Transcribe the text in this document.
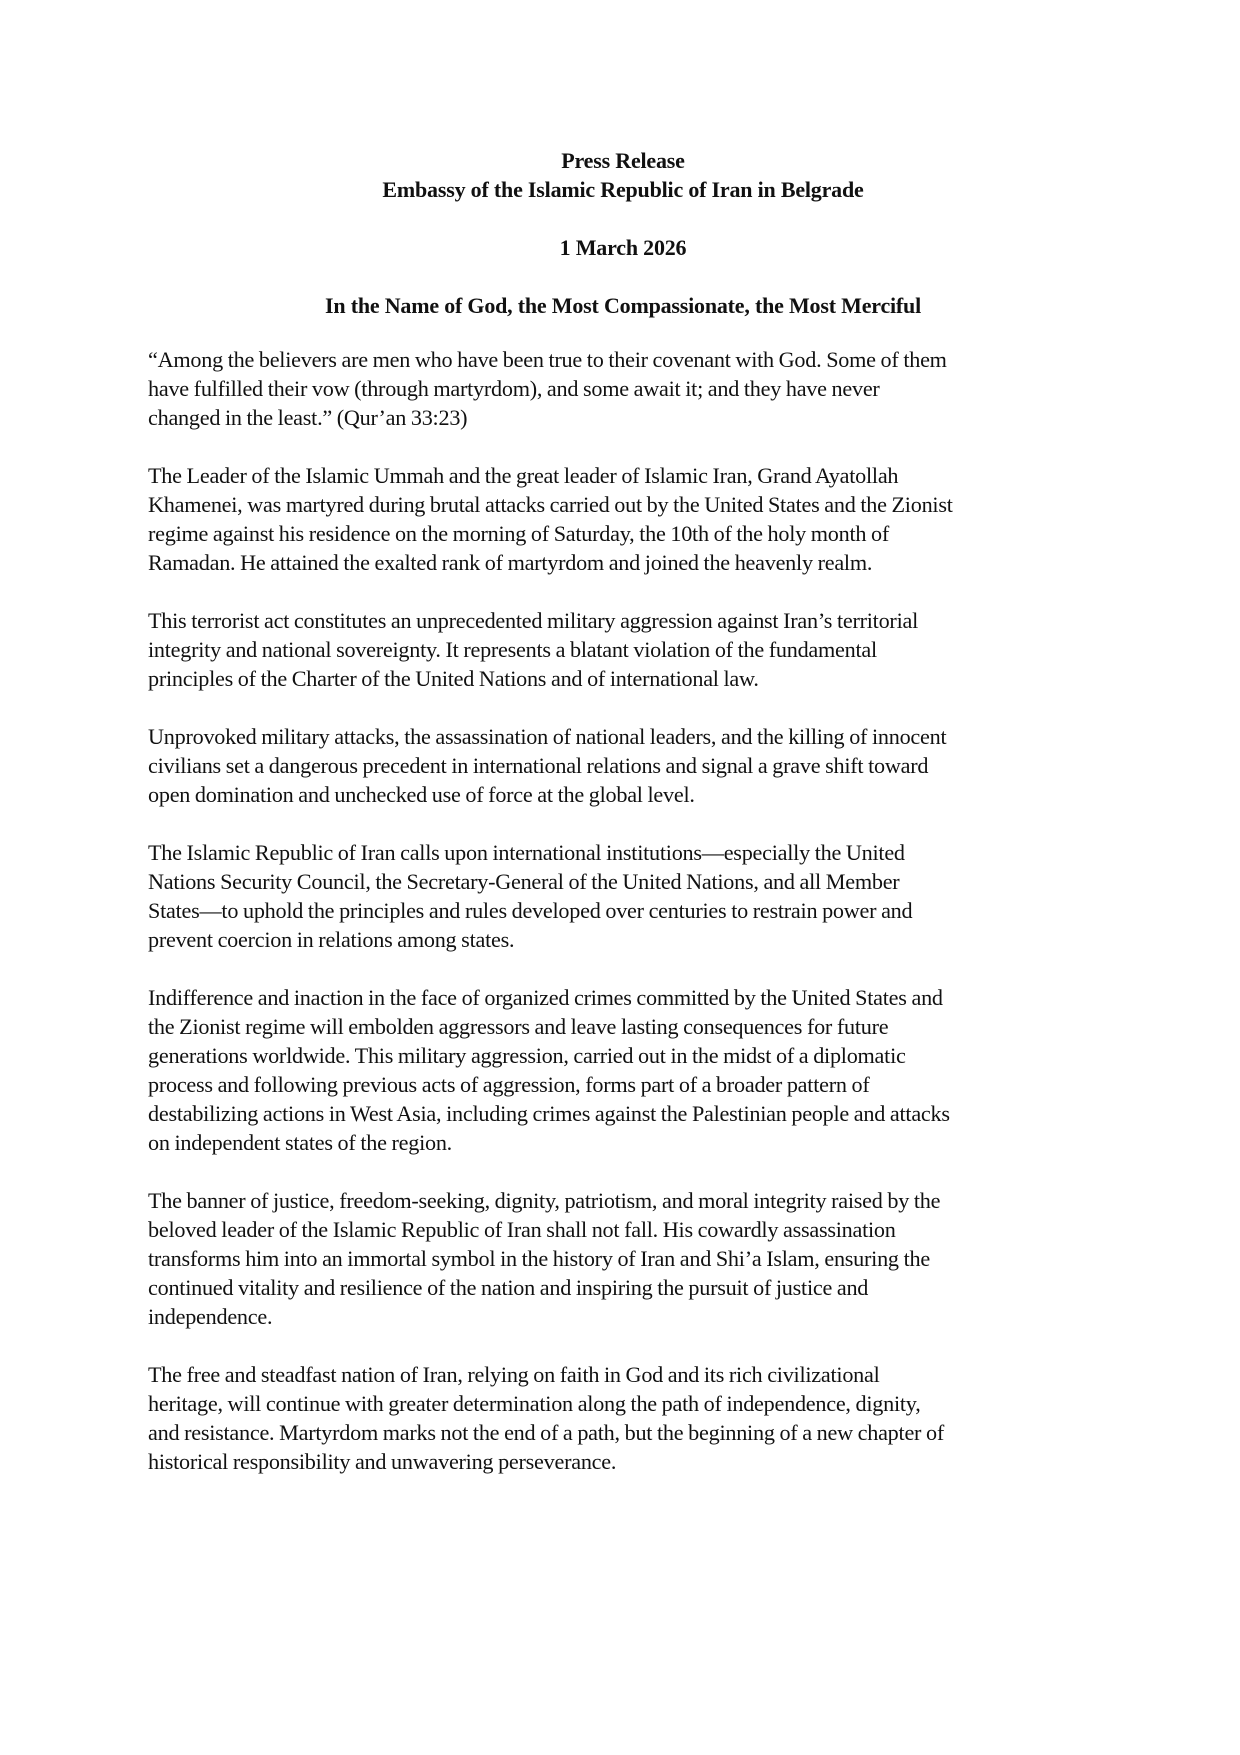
Press Release

Embassy of the Islamic Republic of Iran in Belgrade

1 March 2026

In the Name of God, the Most Compassionate, the Most Merciful

“Among the believers are men who have been true to their covenant with God. Some of them
have fulfilled their vow (through martyrdom), and some await it; and they have never
changed in the least.” (Qur’an 33:23)

The Leader of the Islamic Ummah and the great leader of Islamic Iran, Grand Ayatollah
Khamenei, was martyred during brutal attacks carried out by the United States and the Zionist
regime against his residence on the morning of Saturday, the 10th of the holy month of
Ramadan. He attained the exalted rank of martyrdom and joined the heavenly realm.

This terrorist act constitutes an unprecedented military aggression against Iran’s territorial
integrity and national sovereignty. It represents a blatant violation of the fundamental
principles of the Charter of the United Nations and of international law.

Unprovoked military attacks, the assassination of national leaders, and the killing of innocent
civilians set a dangerous precedent in international relations and signal a grave shift toward
open domination and unchecked use of force at the global level.

The Islamic Republic of Iran calls upon international institutions—especially the United
Nations Security Council, the Secretary-General of the United Nations, and all Member
States—to uphold the principles and rules developed over centuries to restrain power and
prevent coercion in relations among states.

Indifference and inaction in the face of organized crimes committed by the United States and
the Zionist regime will embolden aggressors and leave lasting consequences for future
generations worldwide. This military aggression, carried out in the midst of a diplomatic
process and following previous acts of aggression, forms part of a broader pattern of
destabilizing actions in West Asia, including crimes against the Palestinian people and attacks
on independent states of the region.

The banner of justice, freedom-seeking, dignity, patriotism, and moral integrity raised by the
beloved leader of the Islamic Republic of Iran shall not fall. His cowardly assassination
transforms him into an immortal symbol in the history of Iran and Shi’a Islam, ensuring the
continued vitality and resilience of the nation and inspiring the pursuit of justice and
independence.

The free and steadfast nation of Iran, relying on faith in God and its rich civilizational
heritage, will continue with greater determination along the path of independence, dignity,
and resistance. Martyrdom marks not the end of a path, but the beginning of a new chapter of
historical responsibility and unwavering perseverance.
